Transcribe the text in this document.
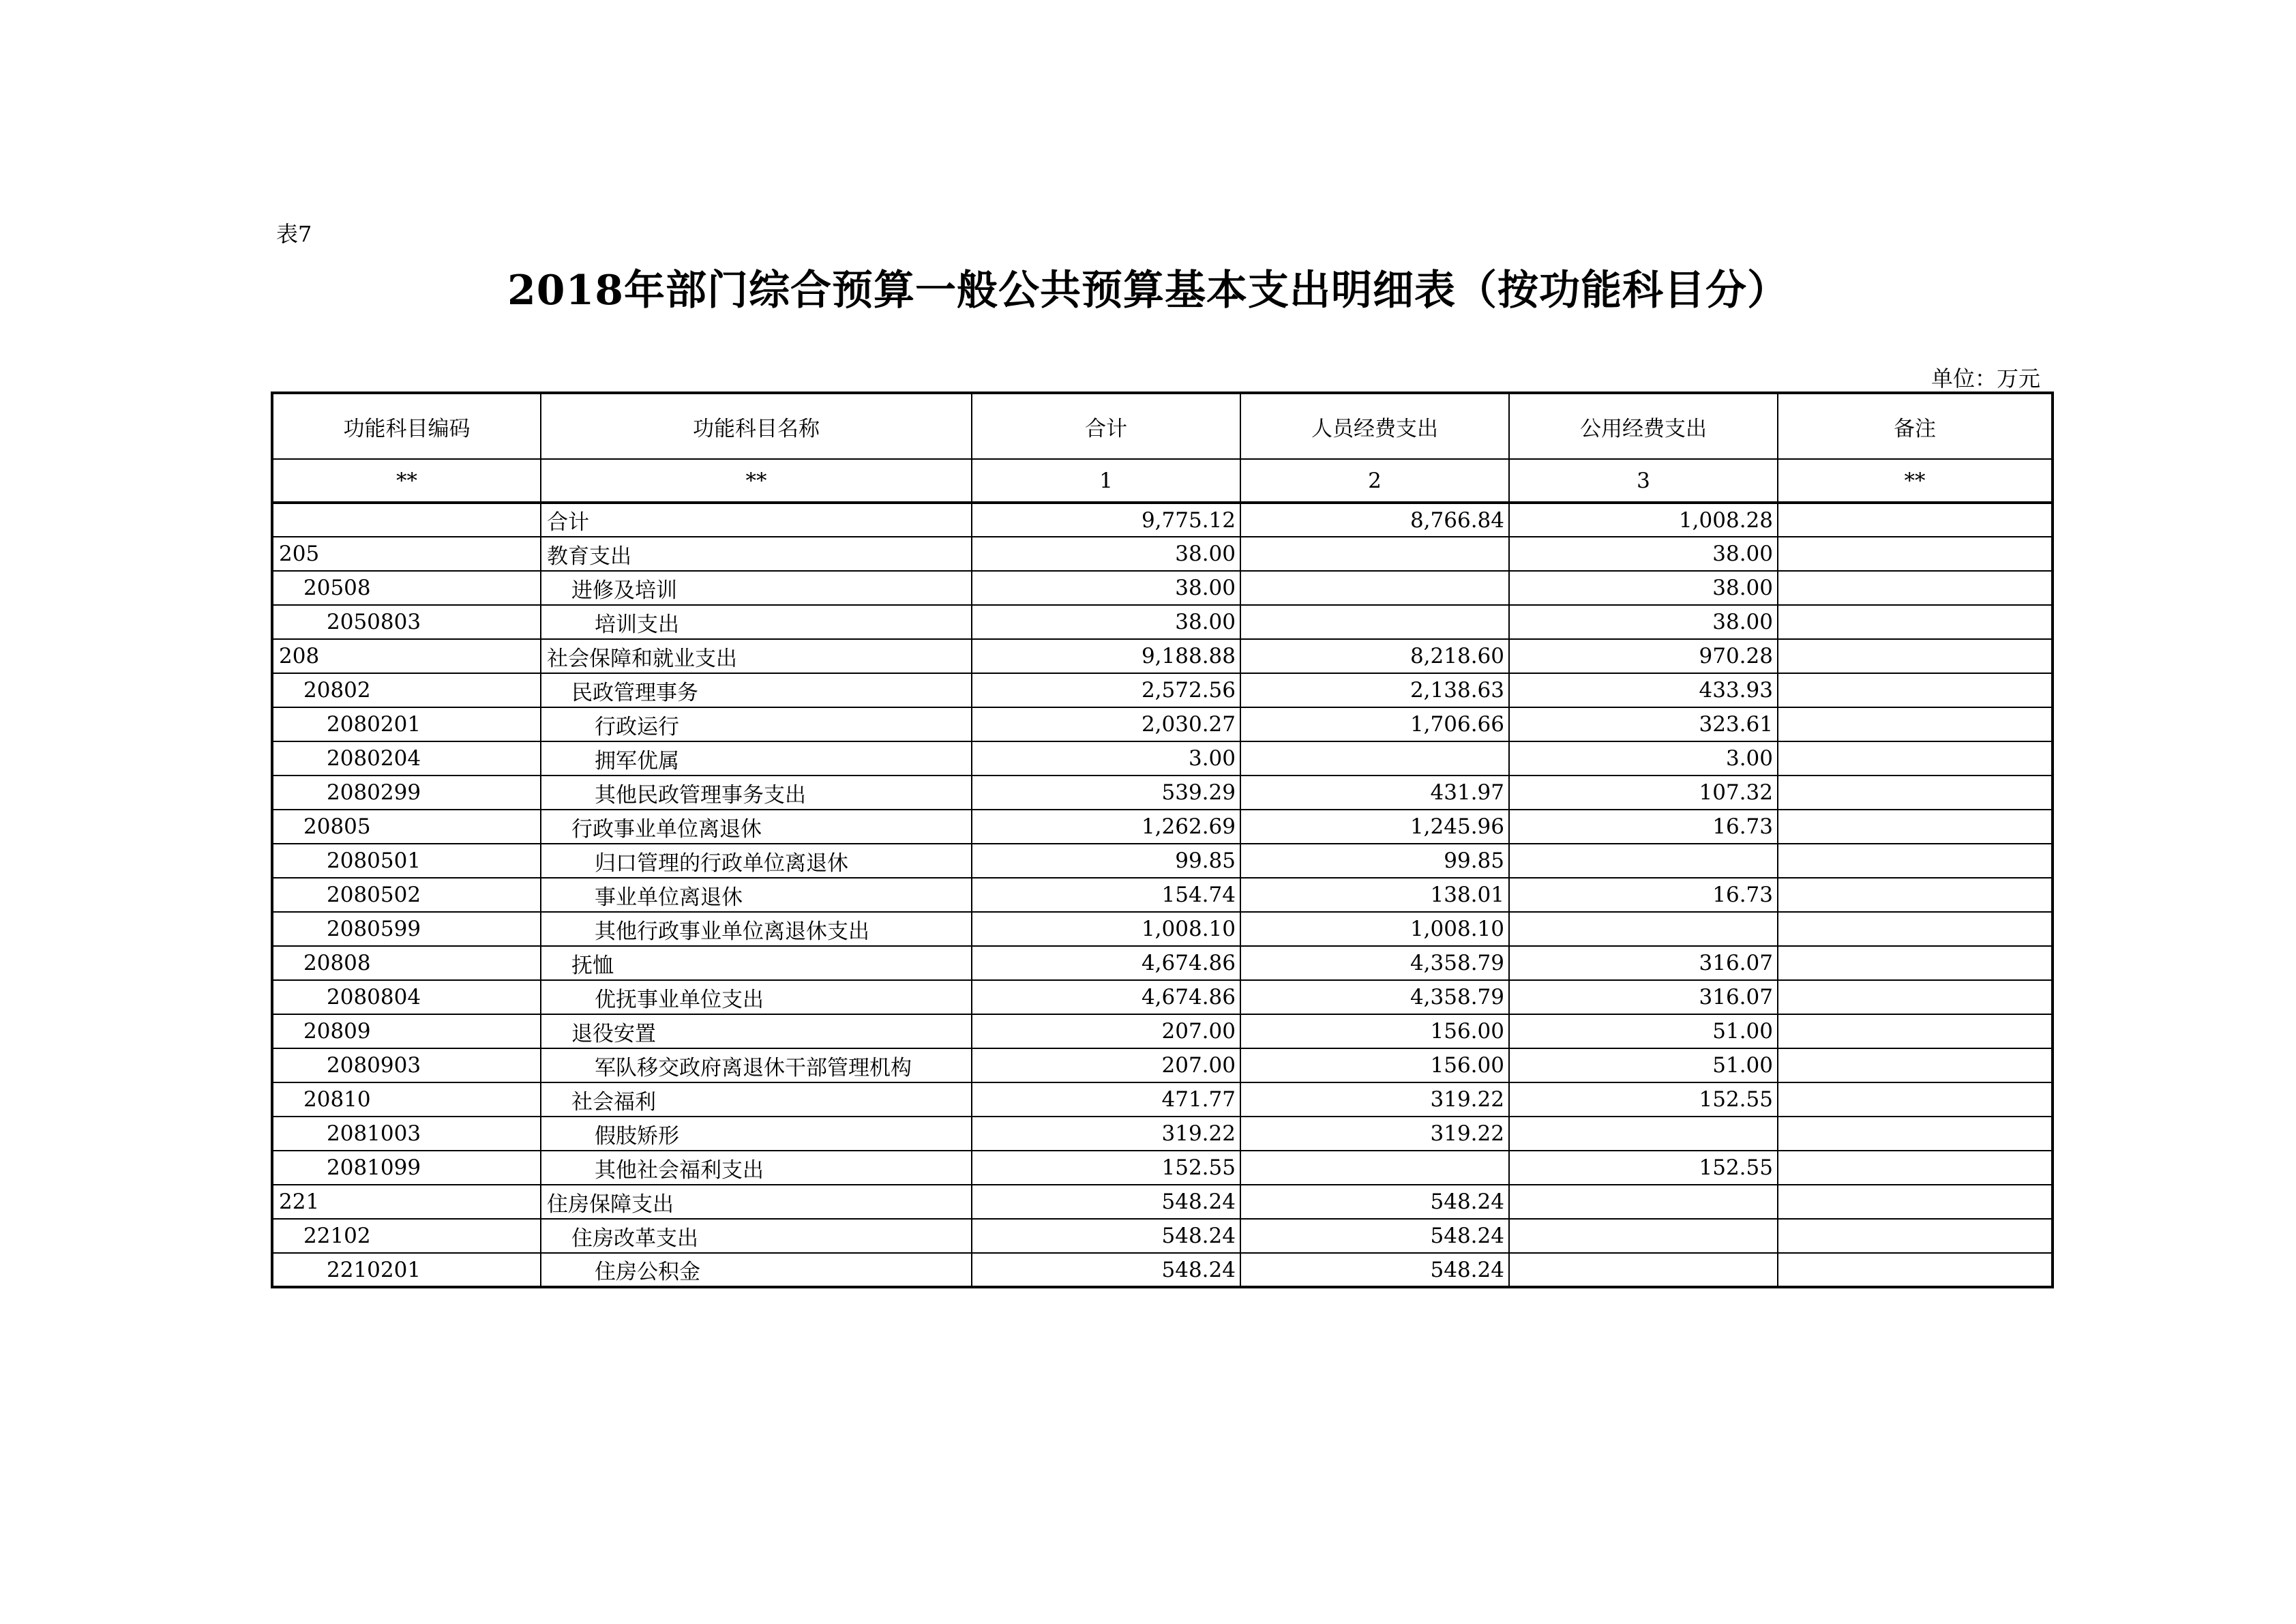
表7
2018年部门综合预算一般公共预算基本支出明细表（按功能科目分）
单位：万元
功能科目编码	功能科目名称	合计	人员经费支出	公用经费支出	备注
**	**	1	2	3	**
	合计	9,775.12	8,766.84	1,008.28	
205	教育支出	38.00		38.00	
20508	进修及培训	38.00		38.00	
2050803	培训支出	38.00		38.00	
208	社会保障和就业支出	9,188.88	8,218.60	970.28	
20802	民政管理事务	2,572.56	2,138.63	433.93	
2080201	行政运行	2,030.27	1,706.66	323.61	
2080204	拥军优属	3.00		3.00	
2080299	其他民政管理事务支出	539.29	431.97	107.32	
20805	行政事业单位离退休	1,262.69	1,245.96	16.73	
2080501	归口管理的行政单位离退休	99.85	99.85		
2080502	事业单位离退休	154.74	138.01	16.73	
2080599	其他行政事业单位离退休支出	1,008.10	1,008.10		
20808	抚恤	4,674.86	4,358.79	316.07	
2080804	优抚事业单位支出	4,674.86	4,358.79	316.07	
20809	退役安置	207.00	156.00	51.00	
2080903	军队移交政府离退休干部管理机构	207.00	156.00	51.00	
20810	社会福利	471.77	319.22	152.55	
2081003	假肢矫形	319.22	319.22		
2081099	其他社会福利支出	152.55		152.55	
221	住房保障支出	548.24	548.24		
22102	住房改革支出	548.24	548.24		
2210201	住房公积金	548.24	548.24		
